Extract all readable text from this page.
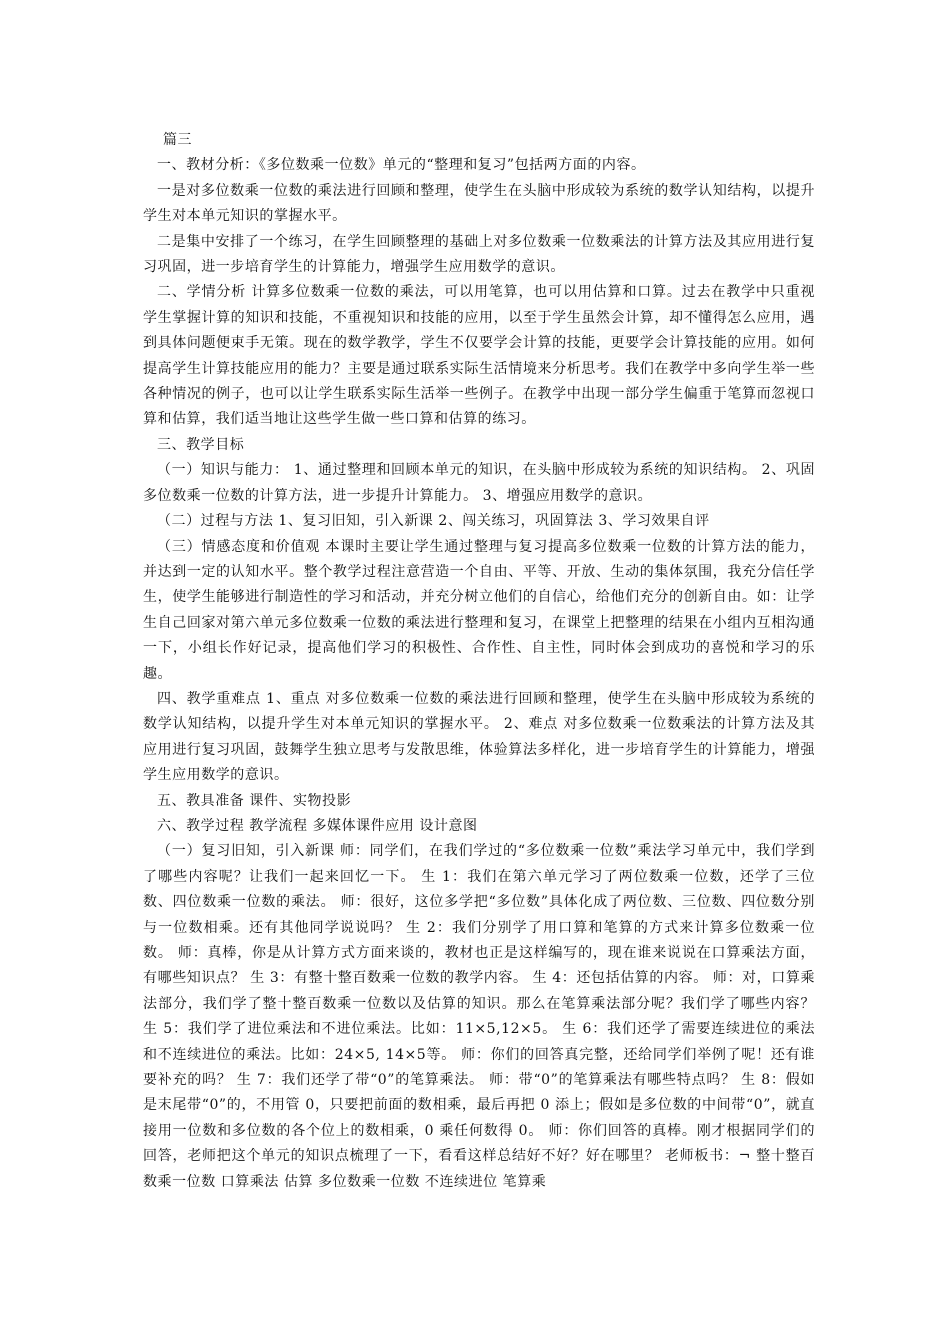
篇三

一、教材分析：《多位数乘一位数》单元的“整理和复习”包括两方面的内容。

一是对多位数乘一位数的乘法进行回顾和整理，使学生在头脑中形成较为系统的数学认知结构，以提升学生对本单元知识的掌握水平。

二是集中安排了一个练习，在学生回顾整理的基础上对多位数乘一位数乘法的计算方法及其应用进行复习巩固，进一步培育学生的计算能力，增强学生应用数学的意识。

二、学情分析 计算多位数乘一位数的乘法，可以用笔算，也可以用估算和口算。过去在教学中只重视学生掌握计算的知识和技能，不重视知识和技能的应用，以至于学生虽然会计算，却不懂得怎么应用，遇到具体问题便束手无策。现在的数学教学，学生不仅要学会计算的技能，更要学会计算技能的应用。如何提高学生计算技能应用的能力？主要是通过联系实际生活情境来分析思考。我们在教学中多向学生举一些各种情况的例子，也可以让学生联系实际生活举一些例子。在教学中出现一部分学生偏重于笔算而忽视口算和估算，我们适当地让这些学生做一些口算和估算的练习。

三、教学目标

（一）知识与能力： 1、通过整理和回顾本单元的知识，在头脑中形成较为系统的知识结构。 2、巩固多位数乘一位数的计算方法，进一步提升计算能力。 3、增强应用数学的意识。

（二）过程与方法 1、复习旧知，引入新课 2、闯关练习，巩固算法 3、学习效果自评

（三）情感态度和价值观 本课时主要让学生通过整理与复习提高多位数乘一位数的计算方法的能力，并达到一定的认知水平。整个教学过程注意营造一个自由、平等、开放、生动的集体氛围，我充分信任学生，使学生能够进行制造性的学习和活动，并充分树立他们的自信心，给他们充分的创新自由。如：让学生自己回家对第六单元多位数乘一位数的乘法进行整理和复习，在课堂上把整理的结果在小组内互相沟通一下，小组长作好记录，提高他们学习的积极性、合作性、自主性，同时体会到成功的喜悦和学习的乐趣。

四、教学重难点 1、重点 对多位数乘一位数的乘法进行回顾和整理，使学生在头脑中形成较为系统的数学认知结构，以提升学生对本单元知识的掌握水平。 2、难点 对多位数乘一位数乘法的计算方法及其应用进行复习巩固，鼓舞学生独立思考与发散思维，体验算法多样化，进一步培育学生的计算能力，增强学生应用数学的意识。

五、教具准备 课件、实物投影

六、教学过程 教学流程 多媒体课件应用 设计意图

（一）复习旧知，引入新课 师：同学们，在我们学过的“多位数乘一位数”乘法学习单元中，我们学到了哪些内容呢？让我们一起来回忆一下。 生 1：我们在第六单元学习了两位数乘一位数，还学了三位数、四位数乘一位数的乘法。 师：很好，这位多学把“多位数”具体化成了两位数、三位数、四位数分别与一位数相乘。还有其他同学说说吗？ 生 2：我们分别学了用口算和笔算的方式来计算多位数乘一位数。 师：真棒，你是从计算方式方面来谈的，教材也正是这样编写的，现在谁来说说在口算乘法方面，有哪些知识点？ 生 3：有整十整百数乘一位数的教学内容。 生 4：还包括估算的内容。 师：对，口算乘法部分，我们学了整十整百数乘一位数以及估算的知识。那么在笔算乘法部分呢？我们学了哪些内容？ 生 5：我们学了进位乘法和不进位乘法。比如：11×5,12×5。 生 6：我们还学了需要连续进位的乘法和不连续进位的乘法。比如：24×5, 14×5等。 师：你们的回答真完整，还给同学们举例了呢！还有谁要补充的吗？ 生 7：我们还学了带“0”的笔算乘法。 师：带“0”的笔算乘法有哪些特点吗？ 生 8：假如是末尾带“0”的，不用管 0，只要把前面的数相乘，最后再把 0 添上；假如是多位数的中间带“0”，就直接用一位数和多位数的各个位上的数相乘，0 乘任何数得 0。 师：你们回答的真棒。刚才根据同学们的回答，老师把这个单元的知识点梳理了一下，看看这样总结好不好？好在哪里？ 老师板书：¬ 整十整百数乘一位数 口算乘法 估算 多位数乘一位数 不连续进位 笔算乘
